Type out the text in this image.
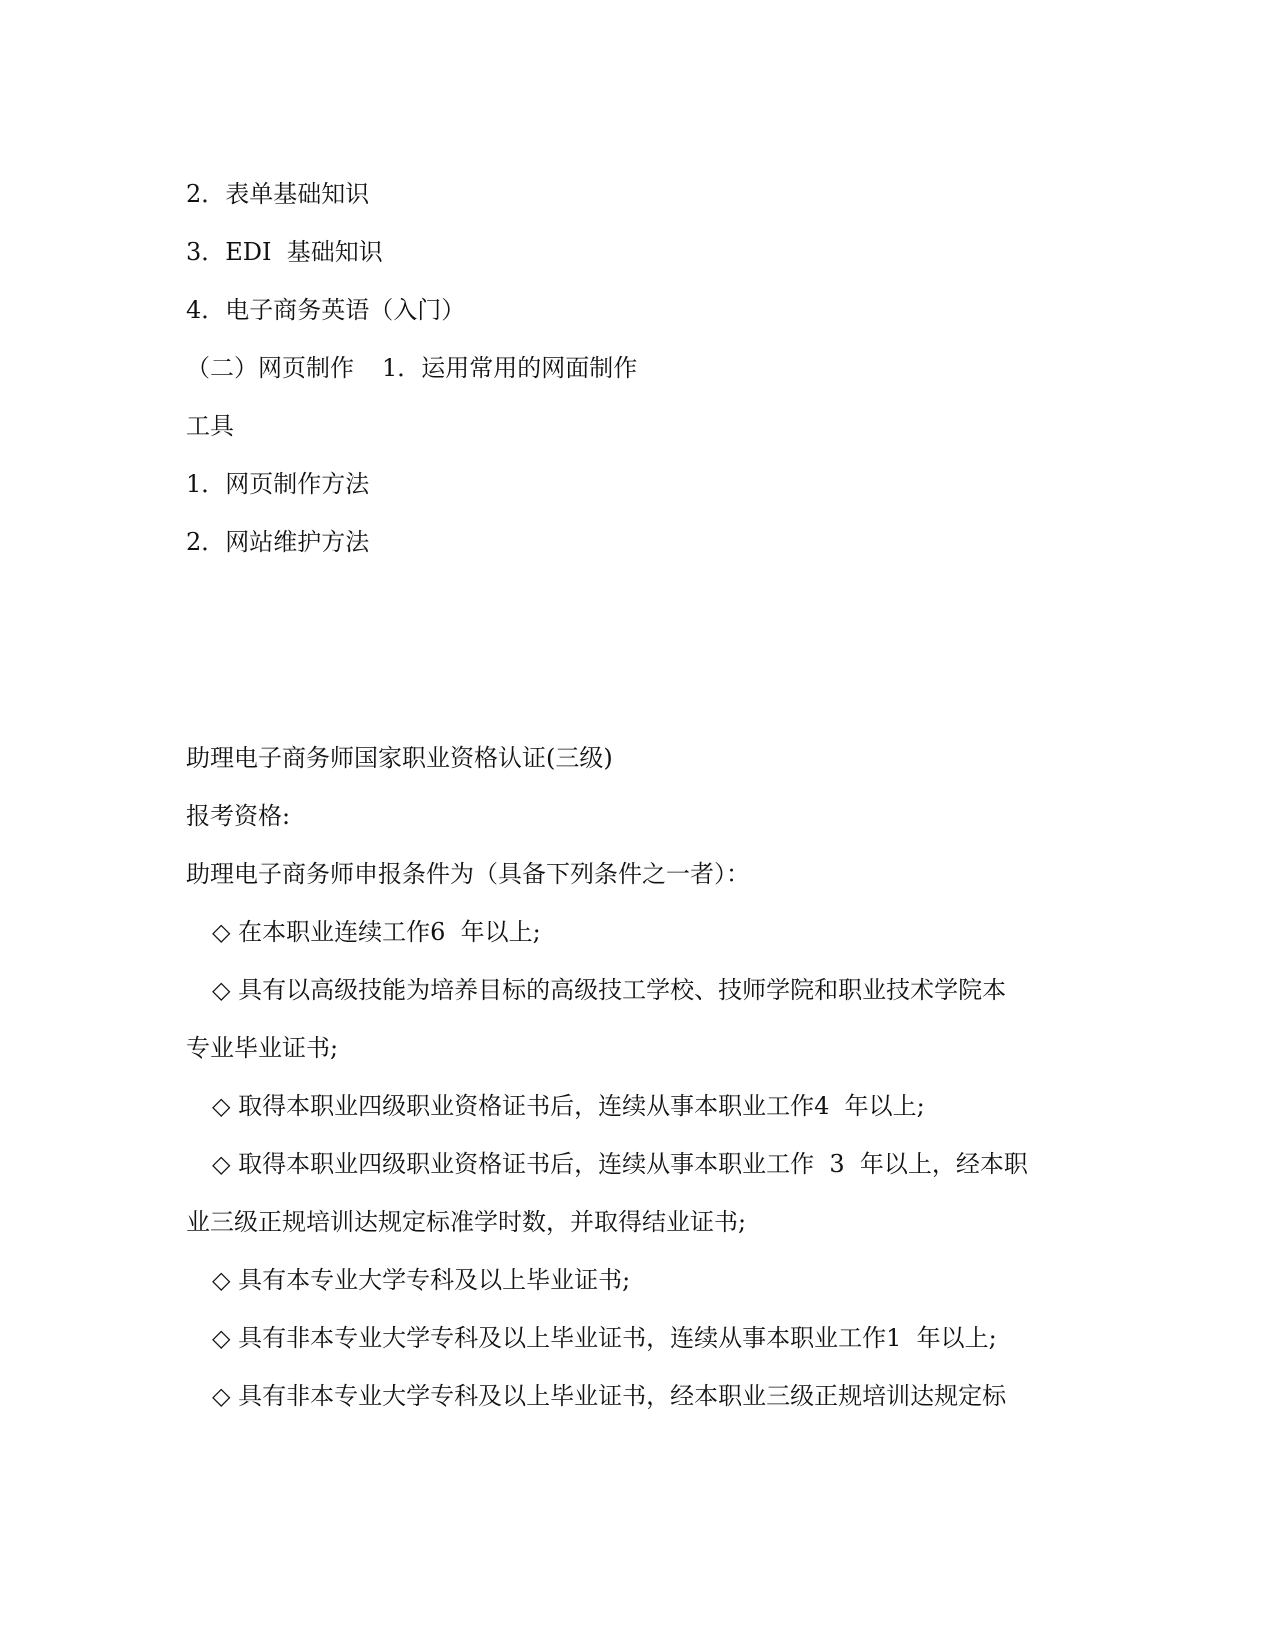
2．表单基础知识

3．EDI  基础知识

4．电子商务英语（入门）

（二）网页制作 1．运用常用的网面制作

工具

1．网页制作方法

2．网站维护方法

助理电子商务师国家职业资格认证(三级)

报考资格:

助理电子商务师申报条件为（具备下列条件之一者）：

◇ 在本职业连续工作6  年以上;

◇ 具有以高级技能为培养目标的高级技工学校、技师学院和职业技术学院本

专业毕业证书;

◇ 取得本职业四级职业资格证书后，连续从事本职业工作4  年以上;

◇ 取得本职业四级职业资格证书后，连续从事本职业工作  3  年以上，经本职

业三级正规培训达规定标准学时数，并取得结业证书;

◇ 具有本专业大学专科及以上毕业证书;

◇ 具有非本专业大学专科及以上毕业证书，连续从事本职业工作1  年以上;

◇ 具有非本专业大学专科及以上毕业证书，经本职业三级正规培训达规定标
